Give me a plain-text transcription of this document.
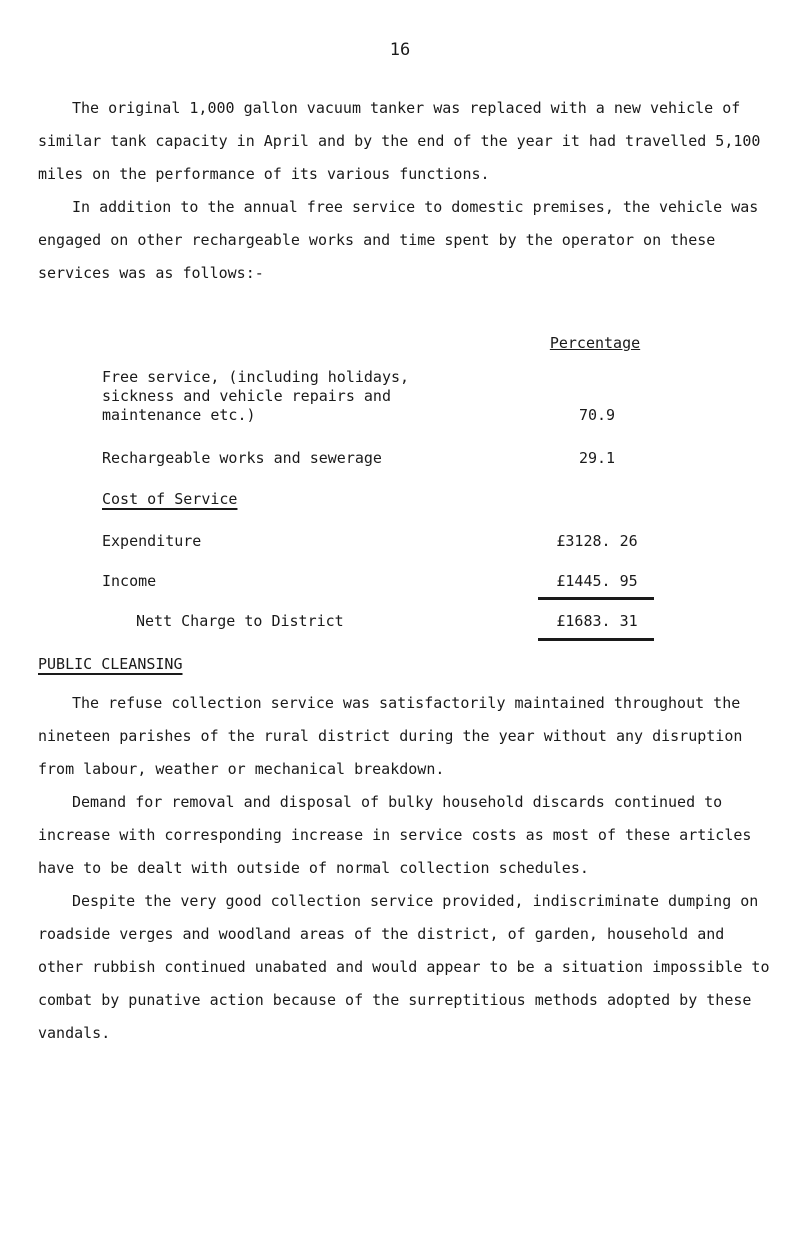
16

The original 1,000 gallon vacuum tanker was replaced with a new vehicle of similar tank capacity in April and by the end of the year it had travelled 5,100 miles on the performance of its various functions.

In addition to the annual free service to domestic premises, the vehicle was engaged on other rechargeable works and time spent by the operator on these services was as follows:-

Percentage
Free service, (including holidays, sickness and vehicle repairs and maintenance etc.)	70.9
Rechargeable works and sewerage	29.1
Cost of Service
Expenditure	£3128. 26
Income	£1445. 95
Nett Charge to District	£1683. 31
PUBLIC CLEANSING

The refuse collection service was satisfactorily maintained throughout the nineteen parishes of the rural district during the year without any disruption from labour, weather or mechanical breakdown.

Demand for removal and disposal of bulky household discards continued to increase with corresponding increase in service costs as most of these articles have to be dealt with outside of normal collection schedules.

Despite the very good collection service provided, indiscriminate dumping on roadside verges and woodland areas of the district, of garden, household and other rubbish continued unabated and would appear to be a situation impossible to combat by punative action because of the surreptitious methods adopted by these vandals.
